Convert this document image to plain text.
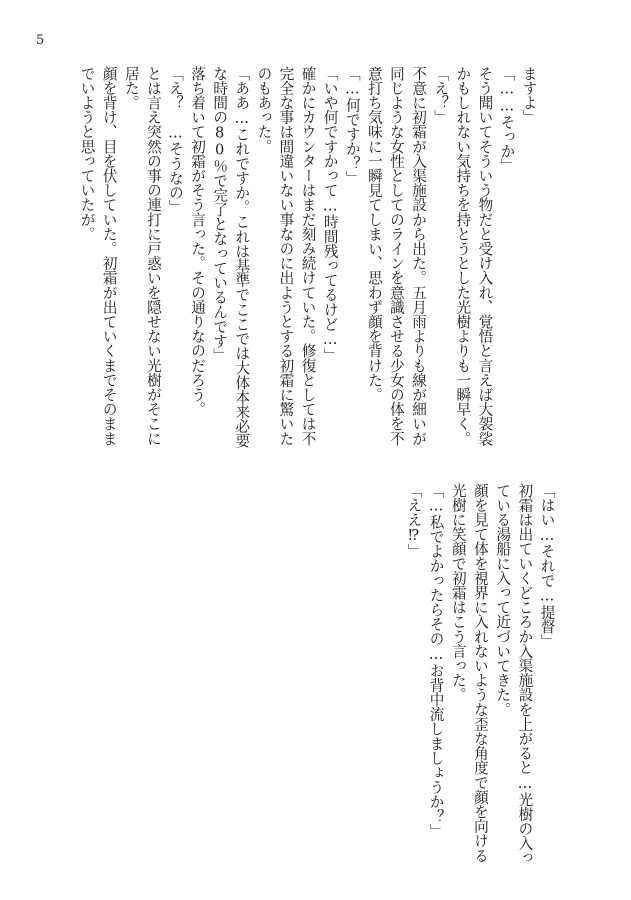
5
ますよ」
「……そっか」
そう聞いてそういう物だと受け入れ、覚悟と言えば大袈裟
かもしれない気持ちを持とうとした光樹よりも一瞬早く。
「え？」
不意に初霜が入渠施設から出た。五月雨よりも線が細いが
同じような女性としてのラインを意識させる少女の体を不
意打ち気味に一瞬見てしまい、思わず顔を背けた。
「…何ですか？」
「いや何ですかって…時間残ってるけど…」
確かにカウンターはまだ刻み続けていた。修復としては不
完全な事は間違いない事なのに出ようとする初霜に驚いた
のもあった。
「ああ…これですか。これは基準でここでは大体本来必要
な時間の80％で完了となっているんです」
落ち着いて初霜がそう言った。その通りなのだろう。
「え？　…そうなの」
とは言え突然の事の連打に戸惑いを隠せない光樹がそこに
居た。
顔を背け、目を伏していた。初霜が出ていくまでそのまま
でいようと思っていたが。
「はい…それで…提督」
初霜は出ていくどころか入渠施設を上がると…光樹の入っ
ている湯船に入って近づいてきた。
顔を見て体を視界に入れないような歪な角度で顔を向ける
光樹に笑顔で初霜はこう言った。
「…私でよかったらその…お背中流しましょうか？」
「ええ⁉」
